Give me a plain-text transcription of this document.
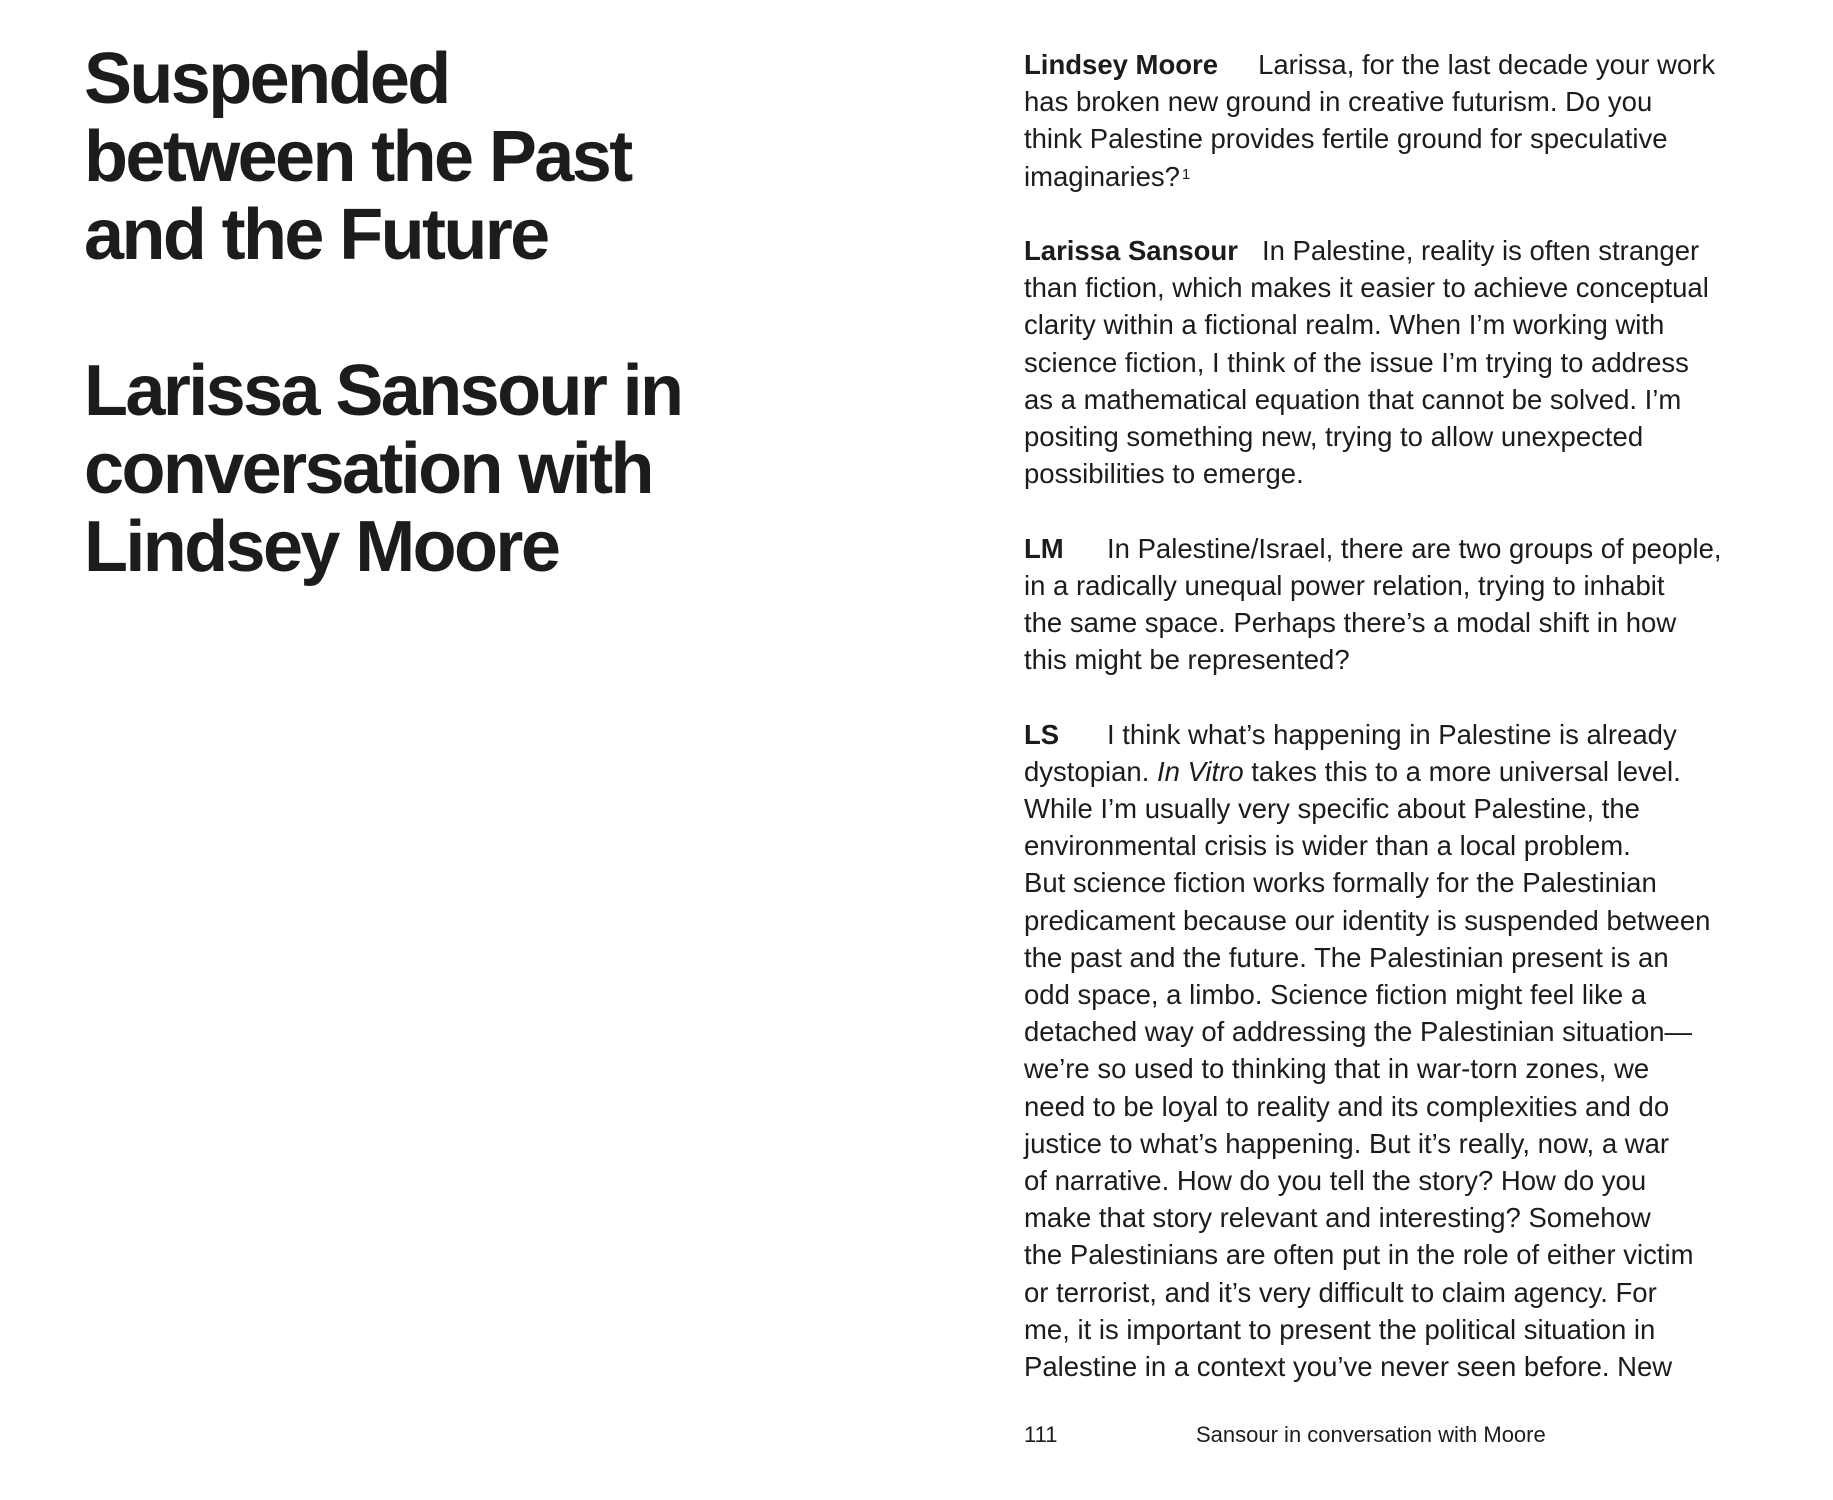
Suspended
between the Past
and the Future
Larissa Sansour in
conversation with
Lindsey Moore
Lindsey Moore Larissa, for the last decade your work
has broken new ground in creative futurism. Do you
think Palestine provides fertile ground for speculative
imaginaries? $^1$
Larissa Sansour In Palestine, reality is often stranger
than fiction, which makes it easier to achieve conceptual
clarity within a fictional realm. When I’m working with
science fiction, I think of the issue I’m trying to address
as a mathematical equation that cannot be solved. I’m
positing something new, trying to allow unexpected
possibilities to emerge.
LM In Palestine/Israel, there are two groups of people,
in a radically unequal power relation, trying to inhabit
the same space. Perhaps there’s a modal shift in how
this might be represented?
LS I think what’s happening in Palestine is already
dystopian. In Vitro takes this to a more universal level.
While I’m usually very specific about Palestine, the
environmental crisis is wider than a local problem.
But science fiction works formally for the Palestinian
predicament because our identity is suspended between
the past and the future. The Palestinian present is an
odd space, a limbo. Science fiction might feel like a
detached way of addressing the Palestinian situation—
we’re so used to thinking that in war-torn zones, we
need to be loyal to reality and its complexities and do
justice to what’s happening. But it’s really, now, a war
of narrative. How do you tell the story? How do you
make that story relevant and interesting? Somehow
the Palestinians are often put in the role of either victim
or terrorist, and it’s very difficult to claim agency. For
me, it is important to present the political situation in
Palestine in a context you’ve never seen before. New
111	Sansour in conversation with Moore
